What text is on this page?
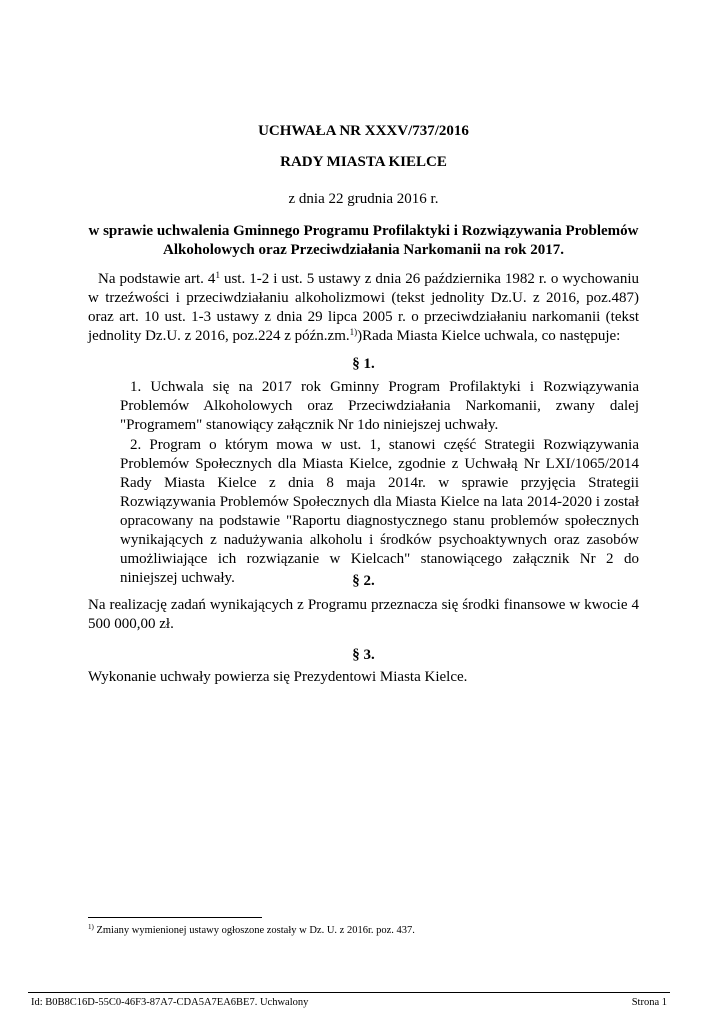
UCHWAŁA NR XXXV/737/2016
RADY MIASTA KIELCE
z dnia 22 grudnia 2016 r.
w sprawie uchwalenia Gminnego Programu Profilaktyki i Rozwiązywania Problemów
Alkoholowych oraz Przeciwdziałania Narkomanii na rok 2017.
Na podstawie art. $4^1$ ust. 1-2 i ust. 5 ustawy z dnia 26 października 1982 r. o wychowaniu w trzeźwości i przeciwdziałaniu alkoholizmowi (tekst jednolity Dz.U. z 2016, poz.487) oraz art. 10 ust. 1-3 ustawy z dnia 29 lipca 2005 r. o przeciwdziałaniu narkomanii (tekst jednolity Dz.U. z 2016, poz.224 z późn.zm.$^{1)}$)Rada Miasta Kielce uchwala, co następuje:
§ 1.
1. Uchwala się na 2017 rok Gminny Program Profilaktyki i Rozwiązywania Problemów Alkoholowych oraz Przeciwdziałania Narkomanii, zwany dalej "Programem" stanowiący załącznik Nr 1do niniejszej uchwały.
2. Program o którym mowa w ust. 1, stanowi część Strategii Rozwiązywania Problemów Społecznych dla Miasta Kielce, zgodnie z Uchwałą Nr LXI/1065/2014 Rady Miasta Kielce z dnia 8 maja 2014r. w sprawie przyjęcia Strategii Rozwiązywania Problemów Społecznych dla Miasta Kielce na lata 2014-2020 i został opracowany na podstawie "Raportu diagnostycznego stanu problemów społecznych wynikających z nadużywania alkoholu i środków psychoaktywnych oraz zasobów umożliwiające ich rozwiązanie w Kielcach" stanowiącego załącznik Nr 2 do niniejszej uchwały.	§ 2.
Na realizację zadań wynikających z Programu przeznacza się środki finansowe w kwocie 4 500 000,00 zł.
§ 3.
Wykonanie uchwały powierza się Prezydentowi Miasta Kielce.
$^{1)}$ Zmiany wymienionej ustawy ogłoszone zostały w Dz. U. z 2016r. poz. 437.
Id: B0B8C16D-55C0-46F3-87A7-CDA5A7EA6BE7. Uchwalony	Strona 1
